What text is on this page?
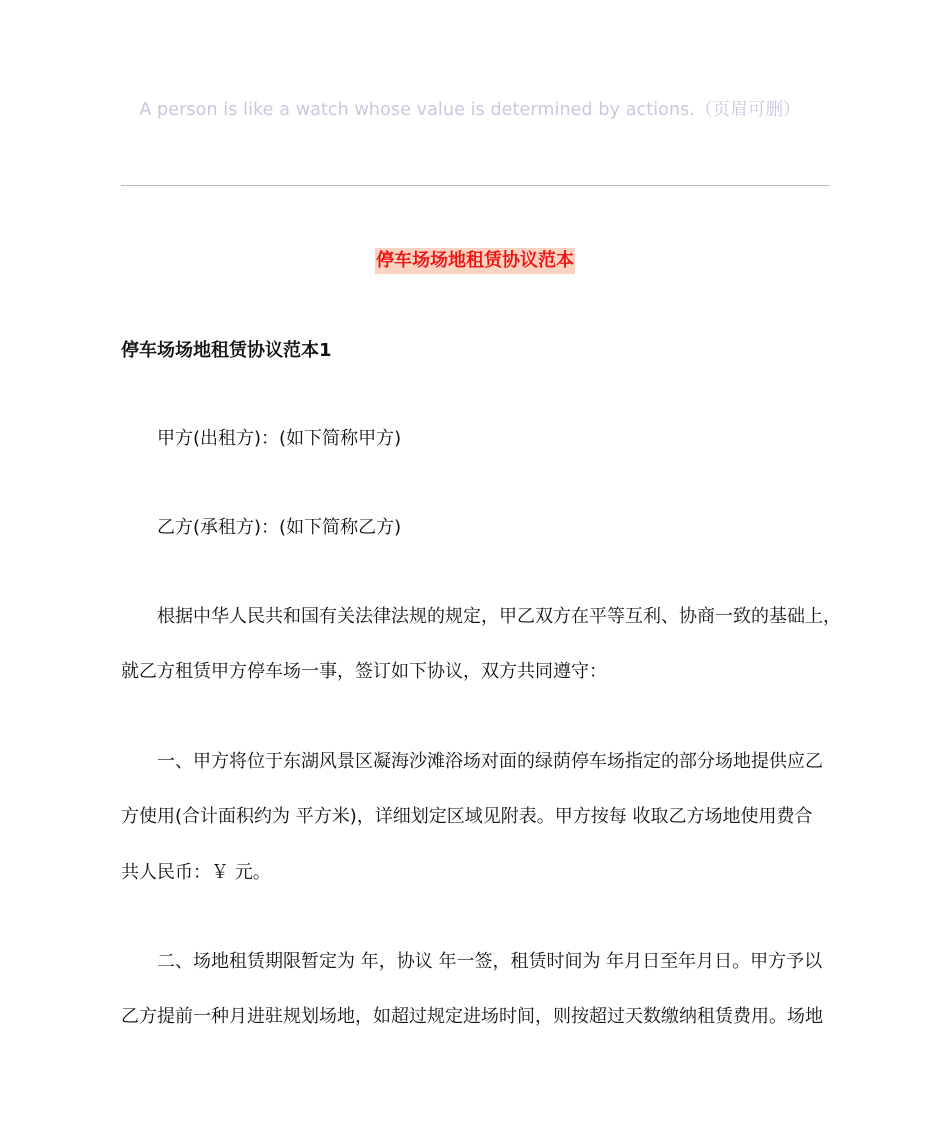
A person is like a watch whose value is determined by actions.（页眉可删）
停车场场地租赁协议范本
停车场场地租赁协议范本1
甲方(出租方)：(如下简称甲方)
乙方(承租方)：(如下简称乙方)
根据中华人民共和国有关法律法规的规定，甲乙双方在平等互利、协商一致的基础上，
就乙方租赁甲方停车场一事，签订如下协议，双方共同遵守：
一、甲方将位于东湖风景区凝海沙滩浴场对面的绿荫停车场指定的部分场地提供应乙
方使用(合计面积约为 平方米)，详细划定区域见附表。甲方按每 收取乙方场地使用费合
共人民币：￥ 元。
二、场地租赁期限暂定为 年，协议 年一签，租赁时间为 年月日至年月日。甲方予以
乙方提前一种月进驻规划场地，如超过规定进场时间，则按超过天数缴纳租赁费用。场地
